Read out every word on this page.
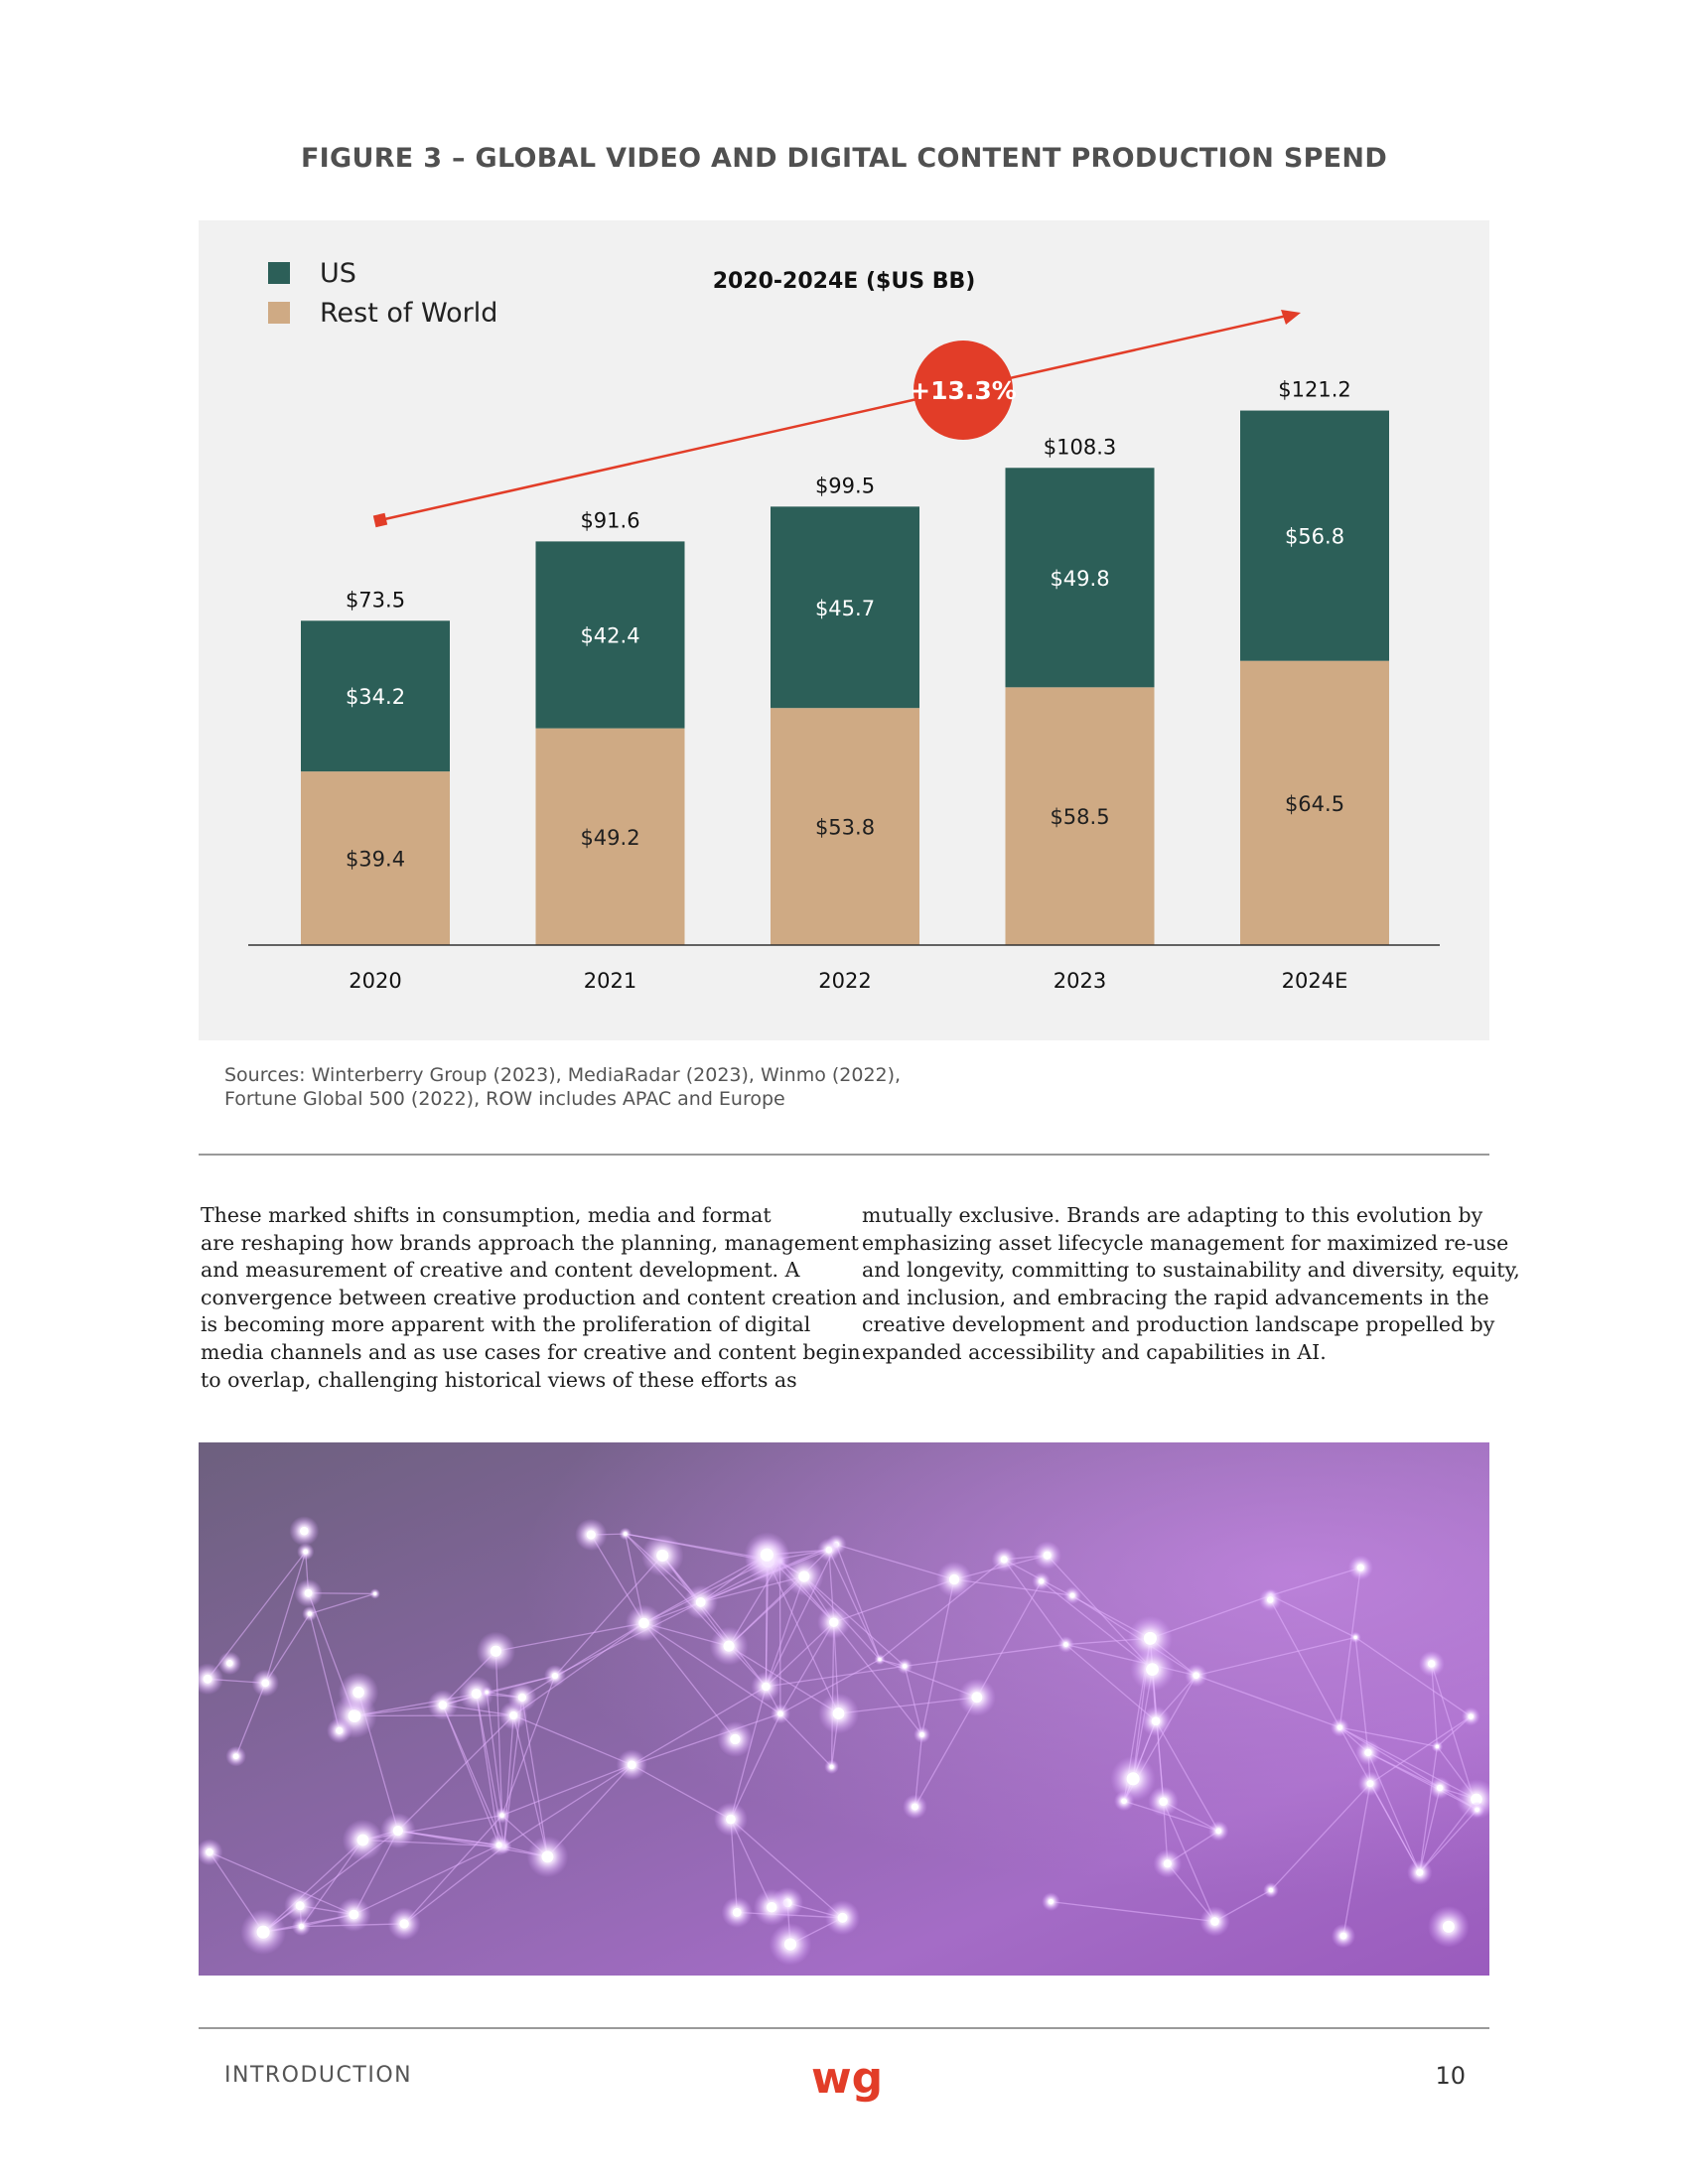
FIGURE 3 – GLOBAL VIDEO AND DIGITAL CONTENT PRODUCTION SPEND
2020-2024E ($US BB)
US
Rest of World
$39.4
$34.2
$73.5
2020
$49.2
$42.4
$91.6
2021
$53.8
$45.7
$99.5
2022
$58.5
$49.8
$108.3
2023
$64.5
$56.8
$121.2
2024E
+13.3%
Sources: Winterberry Group (2023), MediaRadar (2023), Winmo (2022),
Fortune Global 500 (2022), ROW includes APAC and Europe
These marked shifts in consumption, media and format
are reshaping how brands approach the planning, management
and measurement of creative and content development. A
convergence between creative production and content creation
is becoming more apparent with the proliferation of digital
media channels and as use cases for creative and content begin
to overlap, challenging historical views of these efforts as
mutually exclusive. Brands are adapting to this evolution by
emphasizing asset lifecycle management for maximized re-use
and longevity, committing to sustainability and diversity, equity,
and inclusion, and embracing the rapid advancements in the
creative development and production landscape propelled by
expanded accessibility and capabilities in AI.
INTRODUCTION	wg	10
